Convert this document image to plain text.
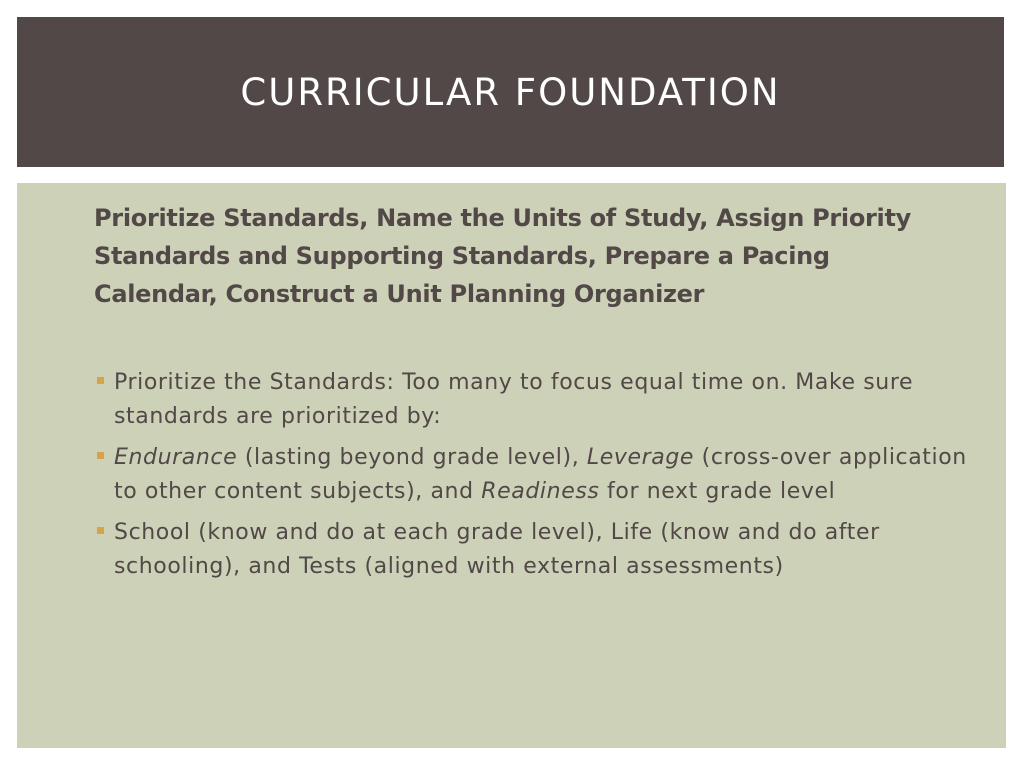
CURRICULAR FOUNDATION

Prioritize Standards, Name the Units of Study, Assign Priority Standards and Supporting Standards, Prepare a Pacing Calendar, Construct a Unit Planning Organizer

Prioritize the Standards: Too many to focus equal time on. Make sure standards are prioritized by:
Endurance (lasting beyond grade level), Leverage (cross-over application to other content subjects), and Readiness for next grade level
School (know and do at each grade level), Life (know and do after schooling), and Tests (aligned with external assessments)
